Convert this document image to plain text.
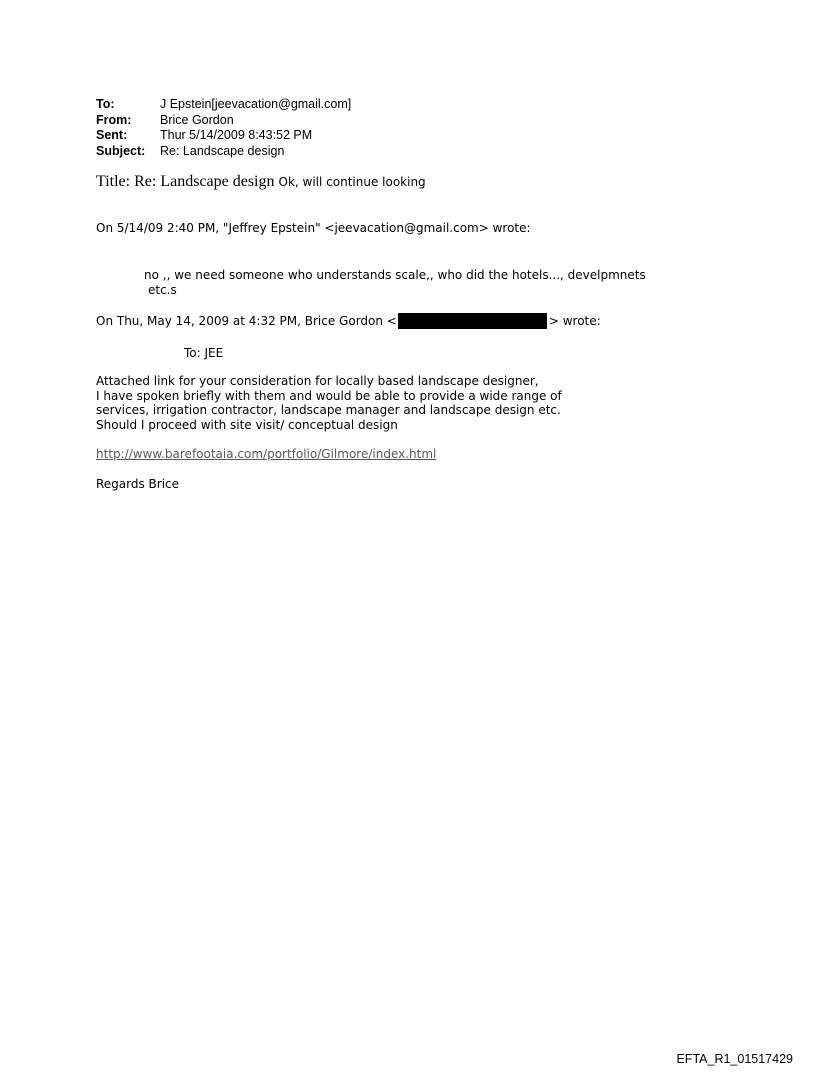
To:	J Epstein[jeevacation@gmail.com]
From:	Brice Gordon
Sent:	Thur 5/14/2009 8:43:52 PM
Subject:	Re: Landscape design
Title: Re: Landscape design Ok, will continue looking
On 5/14/09 2:40 PM, "Jeffrey Epstein" <jeevacation@gmail.com> wrote:
no ,, we need someone who understands scale,, who did the hotels..., develpmnets
etc.s
On Thu, May 14, 2009 at 4:32 PM, Brice Gordon <	> wrote:
To: JEE
Attached link for your consideration for locally based landscape designer,
I have spoken briefly with them and would be able to provide a wide range of
services, irrigation contractor, landscape manager and landscape design etc.
Should I proceed with site visit/ conceptual design
http://www.barefootaia.com/portfolio/Gilmore/index.html
Regards Brice
EFTA_R1_01517429
